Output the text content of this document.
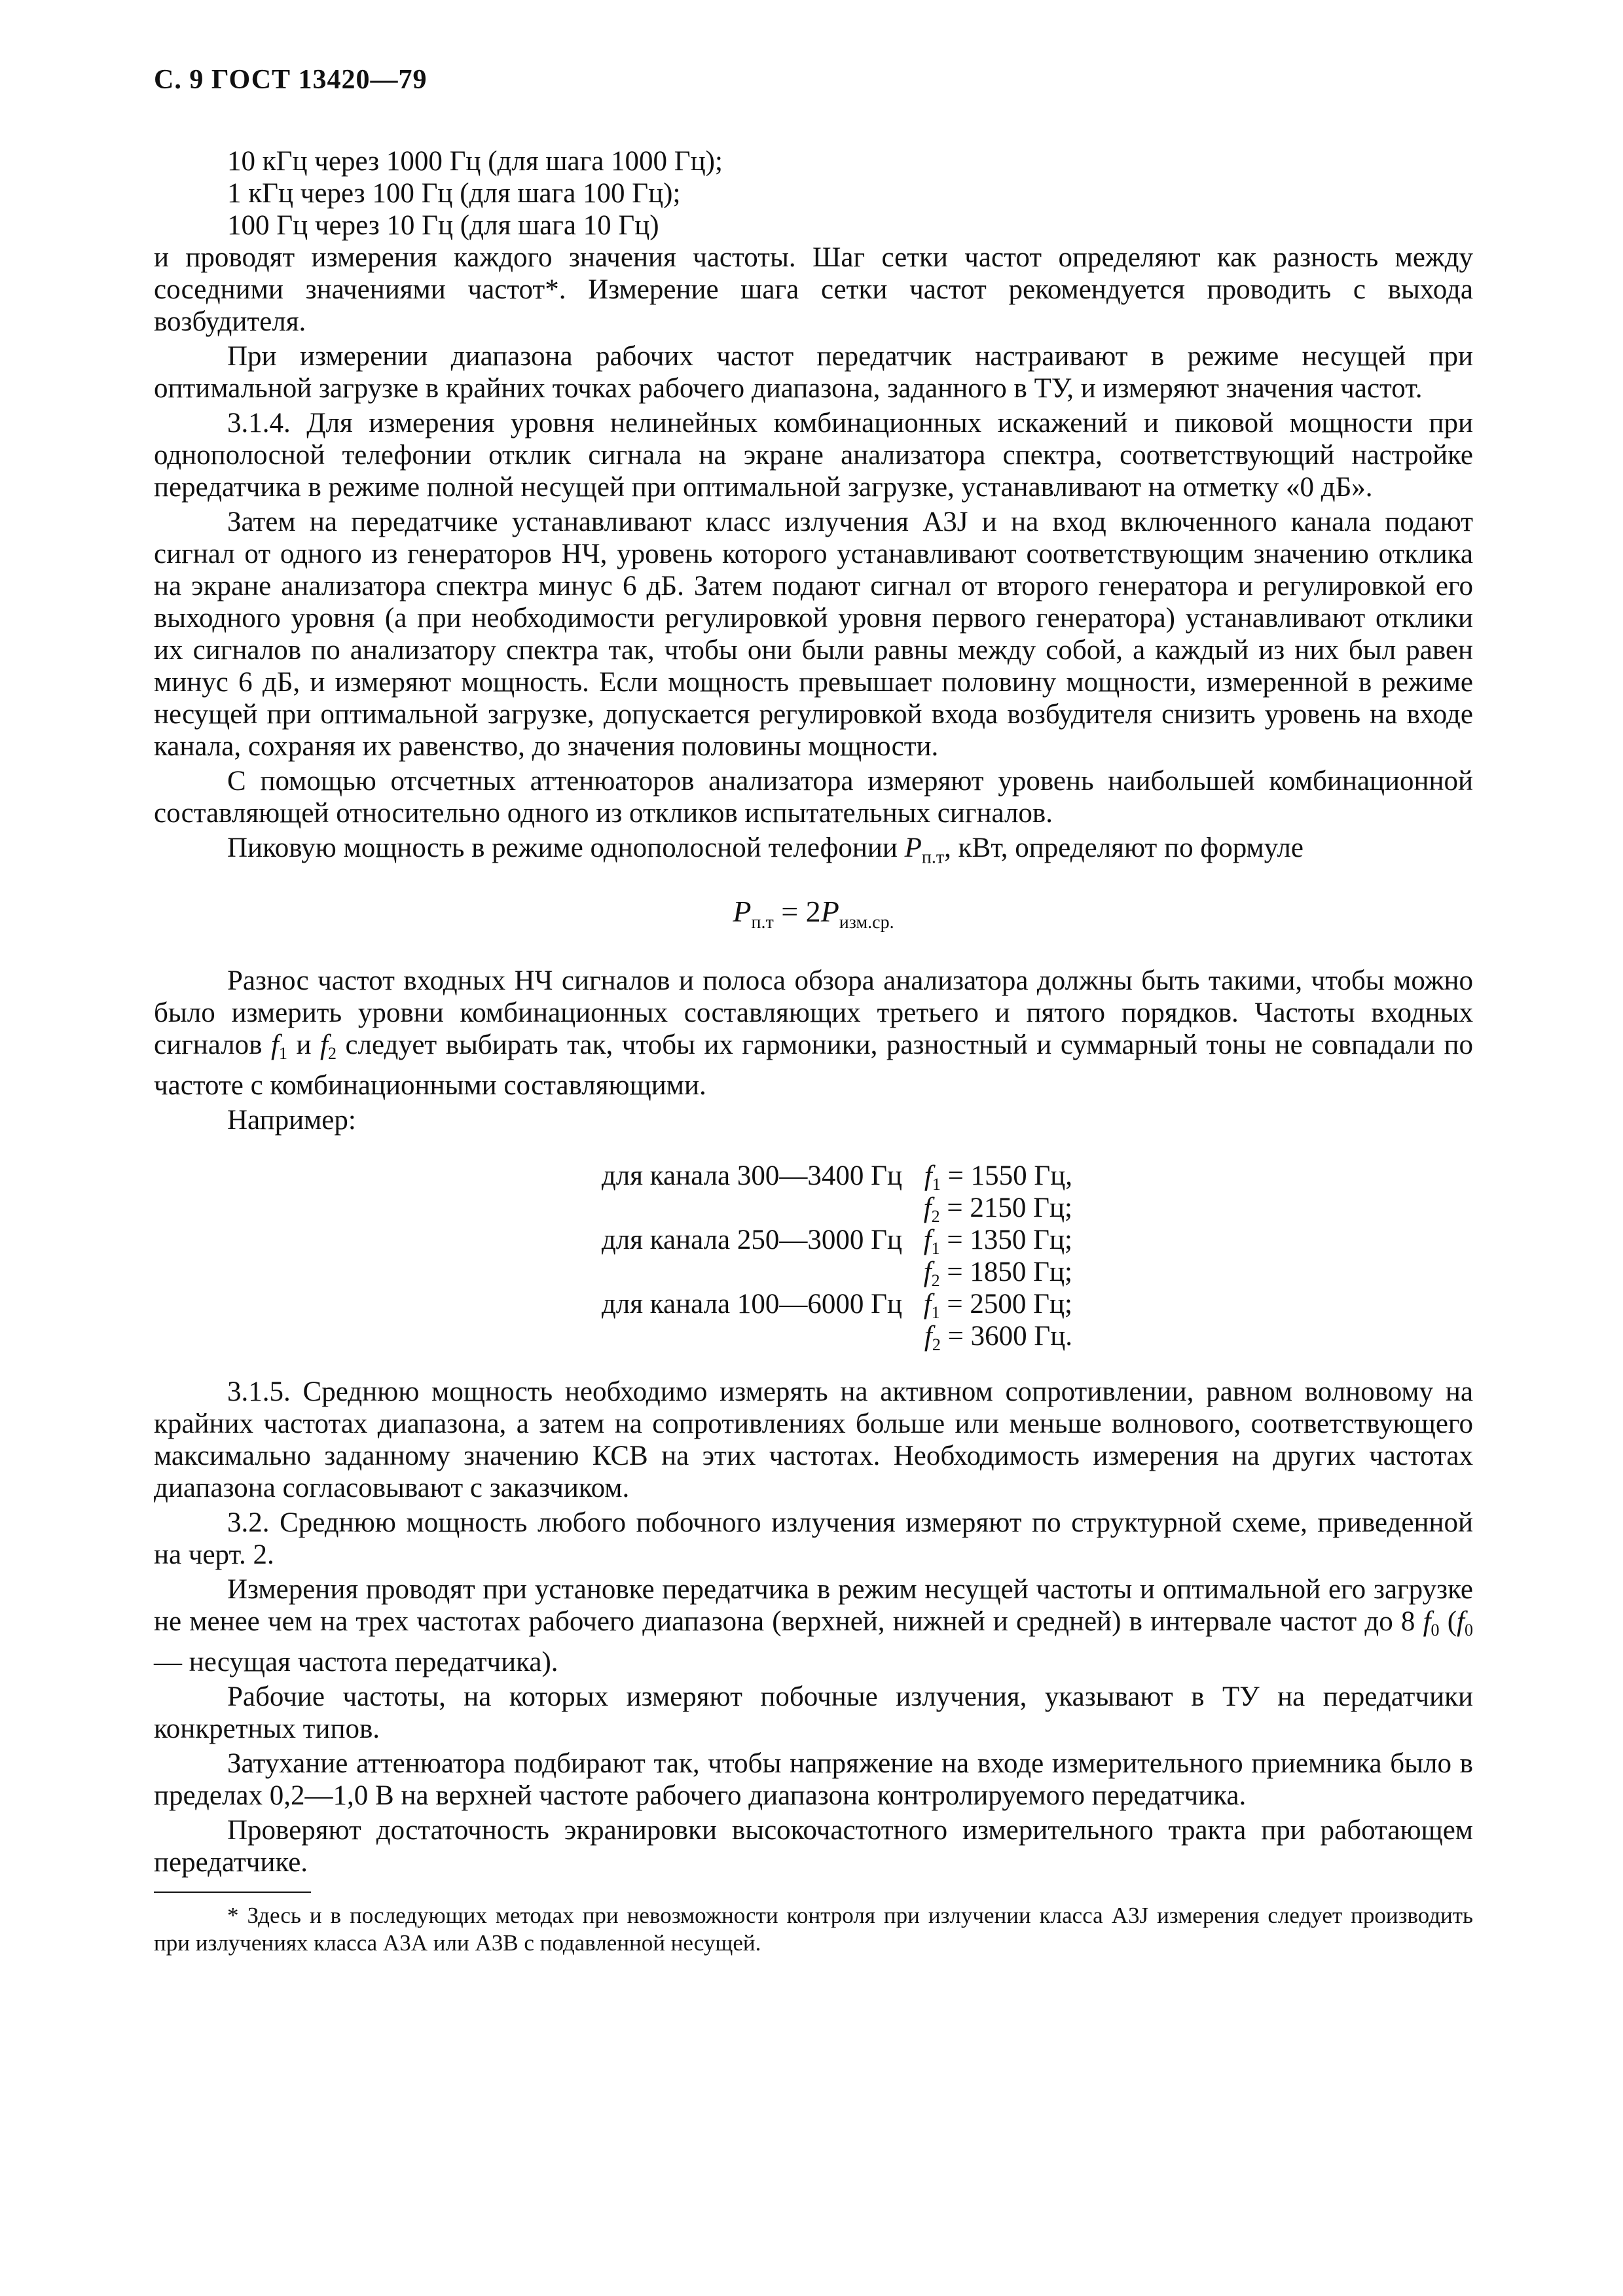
С. 9 ГОСТ 13420—79
10 кГц через 1000 Гц (для шага 1000 Гц);
1 кГц через 100 Гц (для шага 100 Гц);
100 Гц через 10 Гц (для шага 10 Гц)

и проводят измерения каждого значения частоты. Шаг сетки частот определяют как разность между соседними значениями частот*. Измерение шага сетки частот рекомендуется проводить с выхода возбудителя.

При измерении диапазона рабочих частот передатчик настраивают в режиме несущей при оптимальной загрузке в крайних точках рабочего диапазона, заданного в ТУ, и измеряют значения частот.

3.1.4. Для измерения уровня нелинейных комбинационных искажений и пиковой мощности при однополосной телефонии отклик сигнала на экране анализатора спектра, соответствующий настройке передатчика в режиме полной несущей при оптимальной загрузке, устанавливают на отметку «0 дБ».

Затем на передатчике устанавливают класс излучения А3J и на вход включенного канала подают сигнал от одного из генераторов НЧ, уровень которого устанавливают соответствующим значению отклика на экране анализатора спектра минус 6 дБ. Затем подают сигнал от второго генератора и регулировкой его выходного уровня (а при необходимости регулировкой уровня первого генератора) устанавливают отклики их сигналов по анализатору спектра так, чтобы они были равны между собой, а каждый из них был равен минус 6 дБ, и измеряют мощность. Если мощность превышает половину мощности, измеренной в режиме несущей при оптимальной загрузке, допускается регулировкой входа возбудителя снизить уровень на входе канала, сохраняя их равенство, до значения половины мощности.

С помощью отсчетных аттенюаторов анализатора измеряют уровень наибольшей комбинационной составляющей относительно одного из откликов испытательных сигналов.

Пиковую мощность в режиме однополосной телефонии $P_{п.т}$, кВт, определяют по формуле

$P_{п.т} = 2P_{изм.ср.}$

Разнос частот входных НЧ сигналов и полоса обзора анализатора должны быть такими, чтобы можно было измерить уровни комбинационных составляющих третьего и пятого порядков. Частоты входных сигналов f1 и f2 следует выбирать так, чтобы их гармоники, разностный и суммарный тоны не совпадали по частоте с комбинационными составляющими.

Например:

для канала 300—3400 Гц f1 = 1550 Гц,
f2 = 2150 Гц;
для канала 250—3000 Гц f1 = 1350 Гц;
f2 = 1850 Гц;
для канала 100—6000 Гц f1 = 2500 Гц;
f2 = 3600 Гц.

3.1.5. Среднюю мощность необходимо измерять на активном сопротивлении, равном волновому на крайних частотах диапазона, а затем на сопротивлениях больше или меньше волнового, соответствующего максимально заданному значению КСВ на этих частотах. Необходимость измерения на других частотах диапазона согласовывают с заказчиком.

3.2. Среднюю мощность любого побочного излучения измеряют по структурной схеме, приведенной на черт. 2.

Измерения проводят при установке передатчика в режим несущей частоты и оптимальной его загрузке не менее чем на трех частотах рабочего диапазона (верхней, нижней и средней) в интервале частот до 8 f0 (f0 — несущая частота передатчика).

Рабочие частоты, на которых измеряют побочные излучения, указывают в ТУ на передатчики конкретных типов.

Затухание аттенюатора подбирают так, чтобы напряжение на входе измерительного приемника было в пределах 0,2—1,0 В на верхней частоте рабочего диапазона контролируемого передатчика.

Проверяют достаточность экранировки высокочастотного измерительного тракта при работающем передатчике.

* Здесь и в последующих методах при невозможности контроля при излучении класса А3J измерения следует производить при излучениях класса А3А или А3В с подавленной несущей.
